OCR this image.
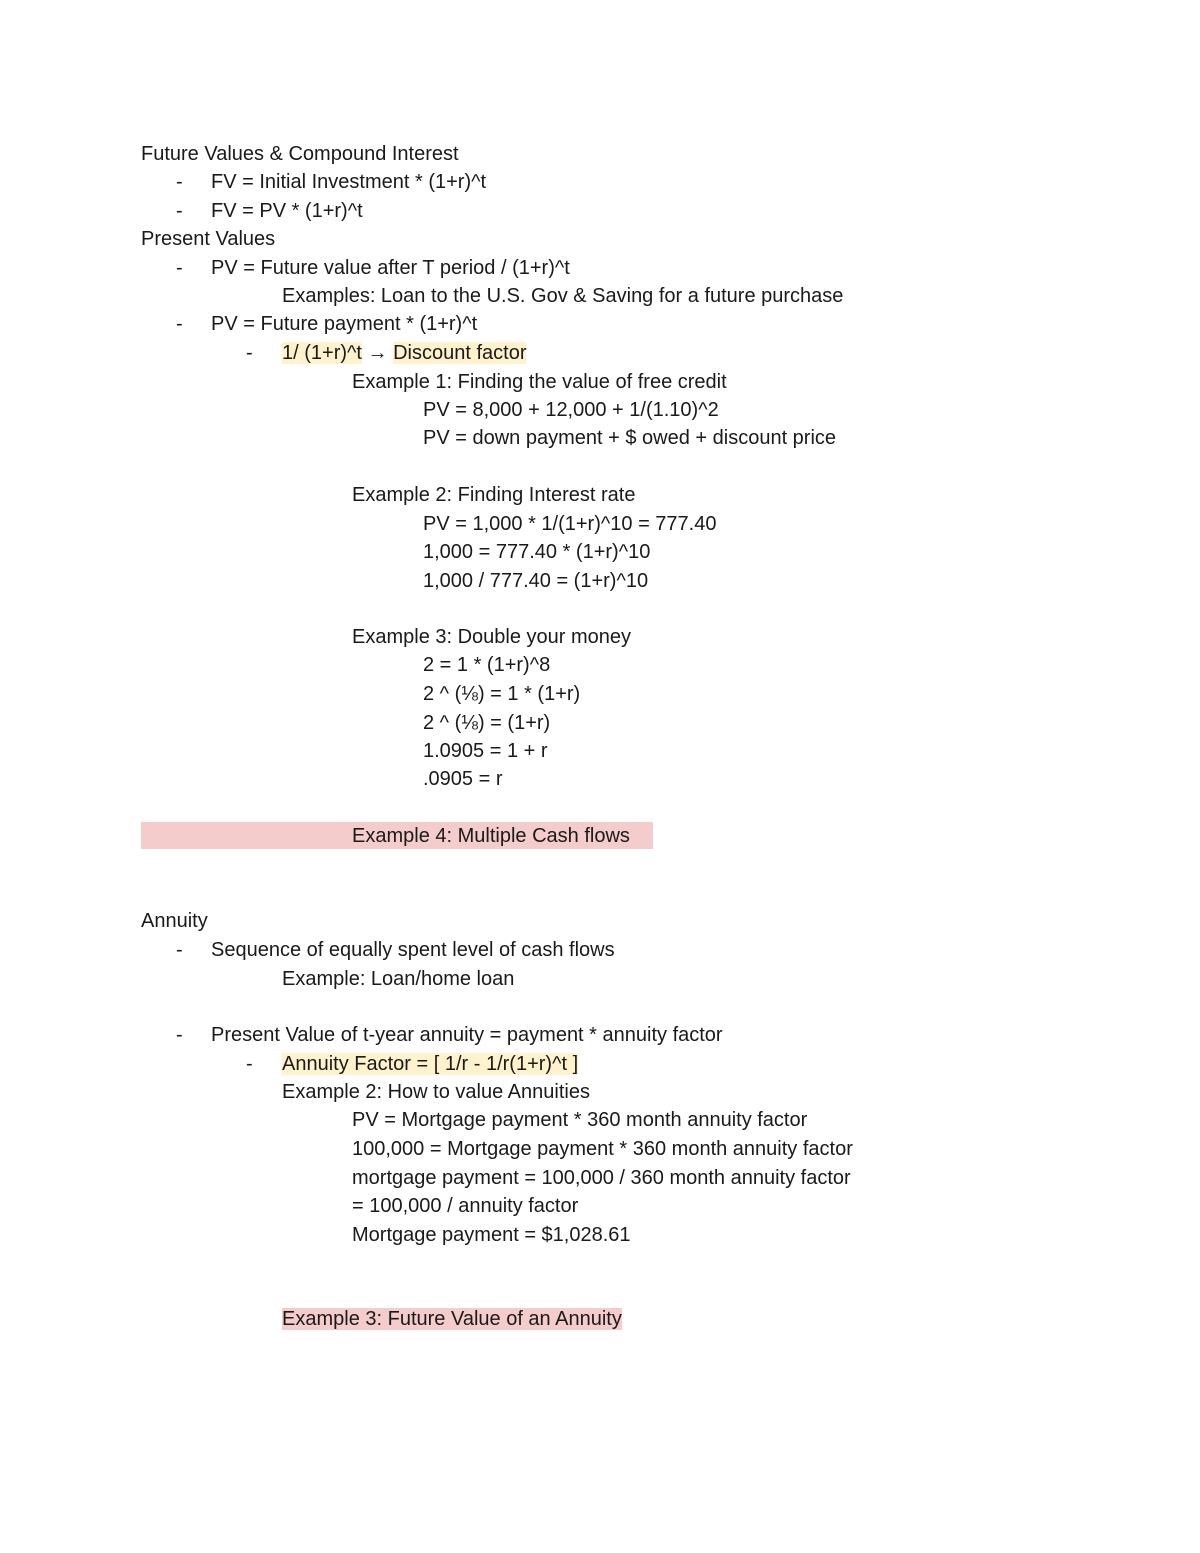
Future Values & Compound Interest
- FV = Initial Investment * (1+r)^t
- FV = PV * (1+r)^t
Present Values
- PV = Future value after T period / (1+r)^t
Examples: Loan to the U.S. Gov & Saving for a future purchase
- PV = Future payment * (1+r)^t
- 1/ (1+r)^t → Discount factor
Example 1: Finding the value of free credit
PV = 8,000 + 12,000 + 1/(1.10)^2
PV = down payment + $ owed + discount price
Example 2: Finding Interest rate
PV = 1,000 * 1/(1+r)^10 = 777.40
1,000 = 777.40 * (1+r)^10
1,000 / 777.40 = (1+r)^10
Example 3: Double your money
2 = 1 * (1+r)^8
2 ^ (⅛) = 1 * (1+r)
2 ^ (⅛) = (1+r)
1.0905 = 1 + r
.0905 = r
Example 4: Multiple Cash flows
Annuity
- Sequence of equally spent level of cash flows
Example: Loan/home loan
- Present Value of t-year annuity = payment * annuity factor
- Annuity Factor = [ 1/r - 1/r(1+r)^t ]
Example 2: How to value Annuities
PV = Mortgage payment * 360 month annuity factor
100,000 = Mortgage payment * 360 month annuity factor
mortgage payment = 100,000 / 360 month annuity factor
= 100,000 / annuity factor
Mortgage payment = $1,028.61
Example 3: Future Value of an Annuity
